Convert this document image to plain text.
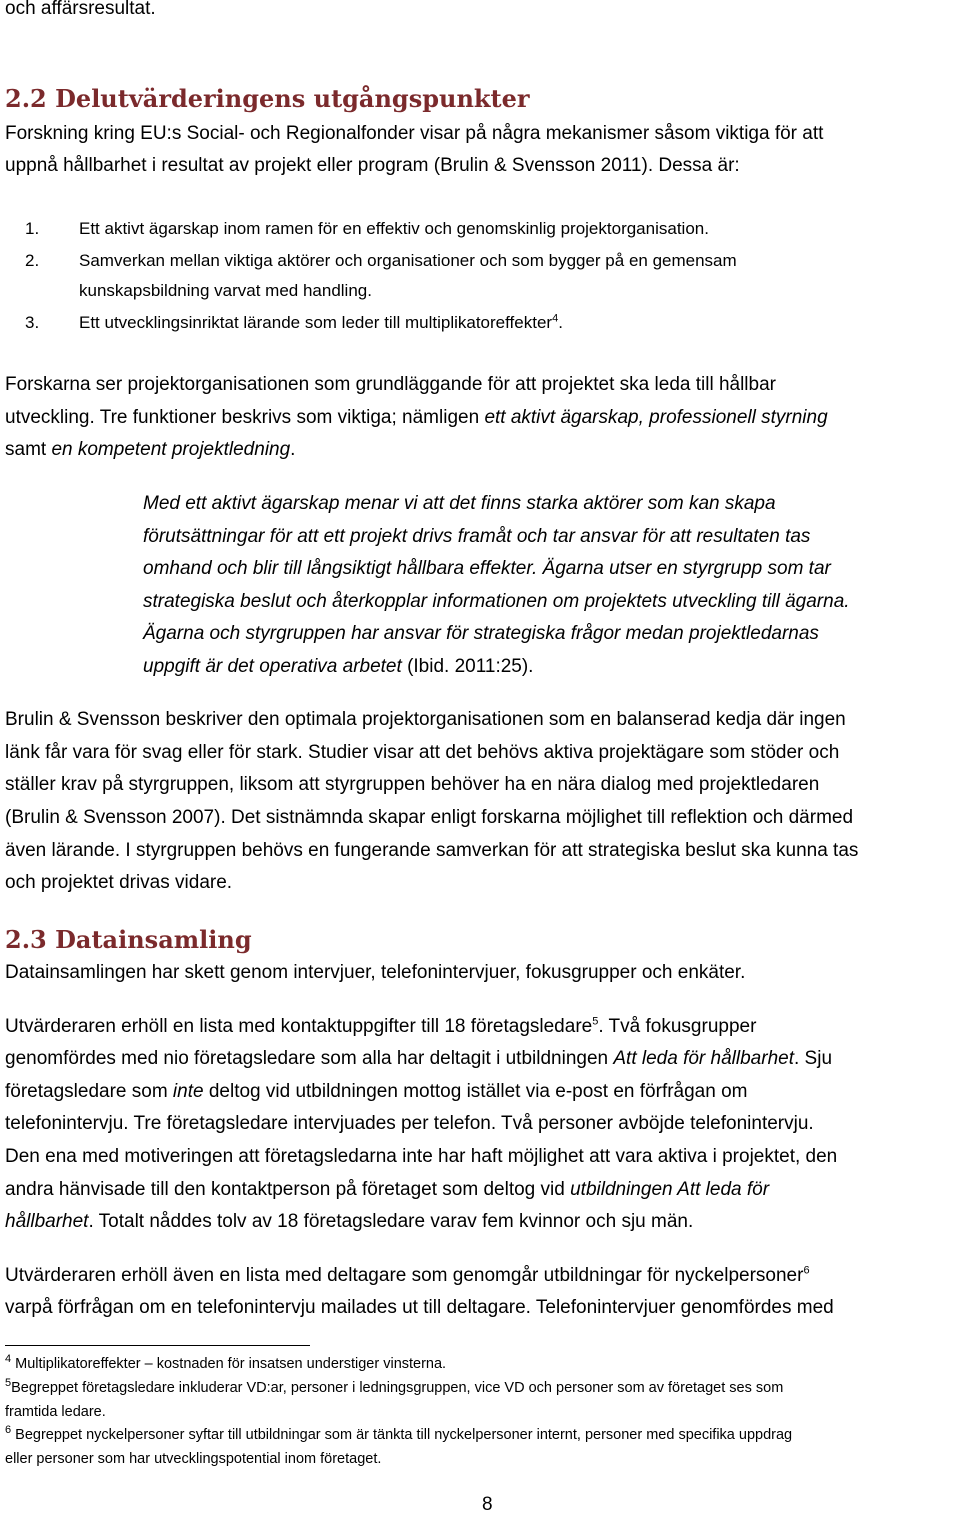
och affärsresultat.
2.2 Delutvärderingens utgångspunkter
Forskning kring EU:s Social- och Regionalfonder visar på några mekanismer såsom viktiga för att
uppnå hållbarhet i resultat av projekt eller program (Brulin & Svensson 2011). Dessa är:
1. Ett aktivt ägarskap inom ramen för en effektiv och genomskinlig projektorganisation.
2. Samverkan mellan viktiga aktörer och organisationer och som bygger på en gemensam
kunskapsbildning varvat med handling.
3. Ett utvecklingsinriktat lärande som leder till multiplikatoreffekter$^4$.
Forskarna ser projektorganisationen som grundläggande för att projektet ska leda till hållbar
utveckling. Tre funktioner beskrivs som viktiga; nämligen ett aktivt ägarskap, professionell styrning
samt en kompetent projektledning.
Med ett aktivt ägarskap menar vi att det finns starka aktörer som kan skapa
förutsättningar för att ett projekt drivs framåt och tar ansvar för att resultaten tas
omhand och blir till långsiktigt hållbara effekter. Ägarna utser en styrgrupp som tar
strategiska beslut och återkopplar informationen om projektets utveckling till ägarna.
Ägarna och styrgruppen har ansvar för strategiska frågor medan projektledarnas
uppgift är det operativa arbetet (Ibid. 2011:25).
Brulin & Svensson beskriver den optimala projektorganisationen som en balanserad kedja där ingen
länk får vara för svag eller för stark. Studier visar att det behövs aktiva projektägare som stöder och
ställer krav på styrgruppen, liksom att styrgruppen behöver ha en nära dialog med projektledaren
(Brulin & Svensson 2007). Det sistnämnda skapar enligt forskarna möjlighet till reflektion och därmed
även lärande. I styrgruppen behövs en fungerande samverkan för att strategiska beslut ska kunna tas
och projektet drivas vidare.
2.3 Datainsamling
Datainsamlingen har skett genom intervjuer, telefonintervjuer, fokusgrupper och enkäter.
Utvärderaren erhöll en lista med kontaktuppgifter till 18 företagsledare$^5$. Två fokusgrupper
genomfördes med nio företagsledare som alla har deltagit i utbildningen Att leda för hållbarhet. Sju
företagsledare som inte deltog vid utbildningen mottog istället via e-post en förfrågan om
telefonintervju. Tre företagsledare intervjuades per telefon. Två personer avböjde telefonintervju.
Den ena med motiveringen att företagsledarna inte har haft möjlighet att vara aktiva i projektet, den
andra hänvisade till den kontaktperson på företaget som deltog vid utbildningen Att leda för
hållbarhet. Totalt nåddes tolv av 18 företagsledare varav fem kvinnor och sju män.
Utvärderaren erhöll även en lista med deltagare som genomgår utbildningar för nyckelpersoner$^6$
varpå förfrågan om en telefonintervju mailades ut till deltagare. Telefonintervjuer genomfördes med
$^4$ Multiplikatoreffekter – kostnaden för insatsen understiger vinsterna.
$^5$Begreppet företagsledare inkluderar VD:ar, personer i ledningsgruppen, vice VD och personer som av företaget ses som
framtida ledare.
$^6$ Begreppet nyckelpersoner syftar till utbildningar som är tänkta till nyckelpersoner internt, personer med specifika uppdrag
eller personer som har utvecklingspotential inom företaget.
8
